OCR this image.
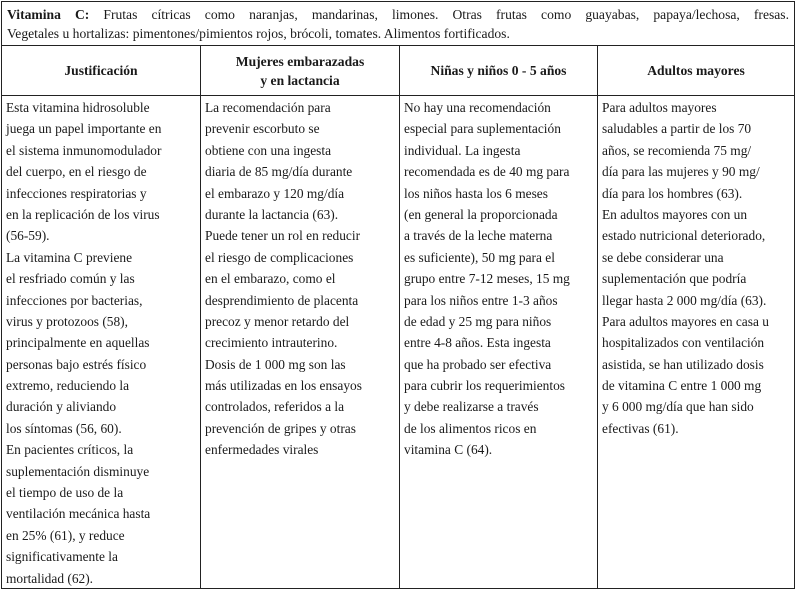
Vitamina C: Frutas cítricas como naranjas, mandarinas, limones. Otras frutas como guayabas, papaya/lechosa, fresas.
Vegetales u hortalizas: pimentones/pimientos rojos, brócoli, tomates. Alimentos fortificados.
Justificación
Mujeres embarazadas
y en lactancia
Niñas y niños 0 - 5 años	Adultos mayores
Esta vitamina hidrosoluble
juega un papel importante en
el sistema inmunomodulador
del cuerpo, en el riesgo de
infecciones respiratorias y
en la replicación de los virus
(56-59).
La vitamina C previene
el resfriado común y las
infecciones por bacterias,
virus y protozoos (58),
principalmente en aquellas
personas bajo estrés físico
extremo, reduciendo la
duración y aliviando
los síntomas (56, 60).
En pacientes críticos, la
suplementación disminuye
el tiempo de uso de la
ventilación mecánica hasta
en 25% (61), y reduce
significativamente la
mortalidad (62).
La recomendación para
prevenir escorbuto se
obtiene con una ingesta
diaria de 85 mg/día durante
el embarazo y 120 mg/día
durante la lactancia (63).
Puede tener un rol en reducir
el riesgo de complicaciones
en el embarazo, como el
desprendimiento de placenta
precoz y menor retardo del
crecimiento intrauterino.
Dosis de 1 000 mg son las
más utilizadas en los ensayos
controlados, referidos a la
prevención de gripes y otras
enfermedades virales
No hay una recomendación
especial para suplementación
individual. La ingesta
recomendada es de 40 mg para
los niños hasta los 6 meses
(en general la proporcionada
a través de la leche materna
es suficiente), 50 mg para el
grupo entre 7-12 meses, 15 mg
para los niños entre 1-3 años
de edad y 25 mg para niños
entre 4-8 años. Esta ingesta
que ha probado ser efectiva
para cubrir los requerimientos
y debe realizarse a través
de los alimentos ricos en
vitamina C (64).
Para adultos mayores
saludables a partir de los 70
años, se recomienda 75 mg/
día para las mujeres y 90 mg/
día para los hombres (63).
En adultos mayores con un
estado nutricional deteriorado,
se debe considerar una
suplementación que podría
llegar hasta 2 000 mg/día (63).
Para adultos mayores en casa u
hospitalizados con ventilación
asistida, se han utilizado dosis
de vitamina C entre 1 000 mg
y 6 000 mg/día que han sido
efectivas (61).
